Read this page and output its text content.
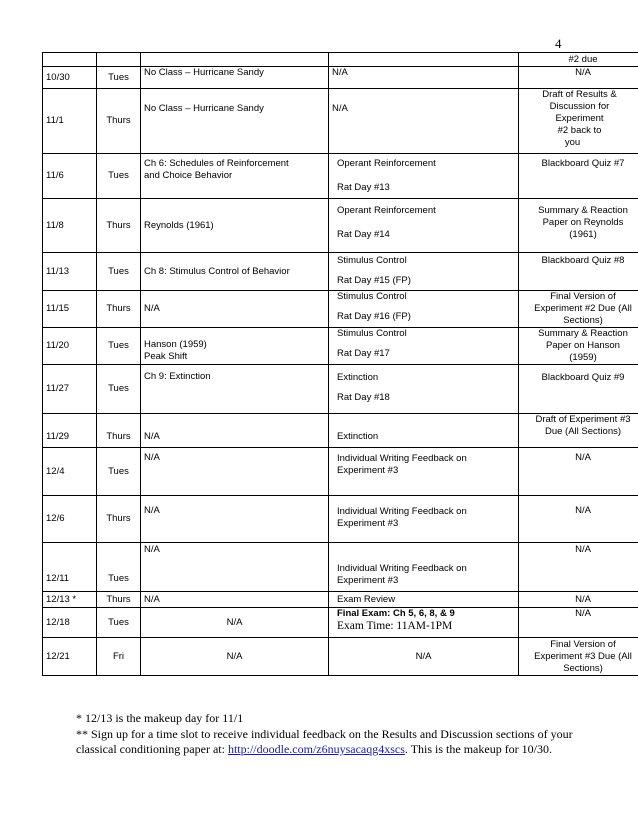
4
				#2 due
10/30	Tues	No Class – Hurricane Sandy	N/A	N/A
11/1	Thurs	No Class – Hurricane Sandy	N/A	Draft of Results &
Discussion for
Experiment
#2 back to
you

11/6	Tues	Ch 6: Schedules of Reinforcement
and Choice Behavior	Operant Reinforcement
Rat Day #13	Blackboard Quiz #7
11/8	Thurs	Reynolds (1961)	Operant Reinforcement
Rat Day #14	Summary & Reaction
Paper on Reynolds
(1961)

11/13	Tues	Ch 8: Stimulus Control of Behavior	Stimulus Control
Rat Day #15 (FP)	Blackboard Quiz #8
11/15	Thurs	N/A	Stimulus Control
Rat Day #16 (FP)	Final Version of
Experiment #2 Due (All
Sections)

11/20	Tues	Hanson (1959)
Peak Shift	Stimulus Control
Rat Day #17	Summary & Reaction
Paper on Hanson
(1959)

11/27	Tues	Ch 9: Extinction	Extinction
Rat Day #18	Blackboard Quiz #9
11/29	Thurs	N/A	Extinction	Draft of Experiment #3
Due (All Sections)

12/4	Tues	N/A	Individual Writing Feedback on
Experiment #3	N/A
12/6	Thurs	N/A	Individual Writing Feedback on
Experiment #3	N/A
12/11	Tues	N/A	Individual Writing Feedback on
Experiment #3	N/A
12/13 *	Thurs	N/A	Exam Review	N/A
12/18	Tues	N/A	Final Exam: Ch 5, 6, 8, & 9
Exam Time: 11AM-1PM	N/A
12/21	Fri	N/A	N/A	Final Version of
Experiment #3 Due (All
Sections)
* 12/13 is the makeup day for 11/1
** Sign up for a time slot to receive individual feedback on the Results and Discussion sections of your classical conditioning paper at: http://doodle.com/z6nuysacaqg4xscs. This is the makeup for 10/30.
